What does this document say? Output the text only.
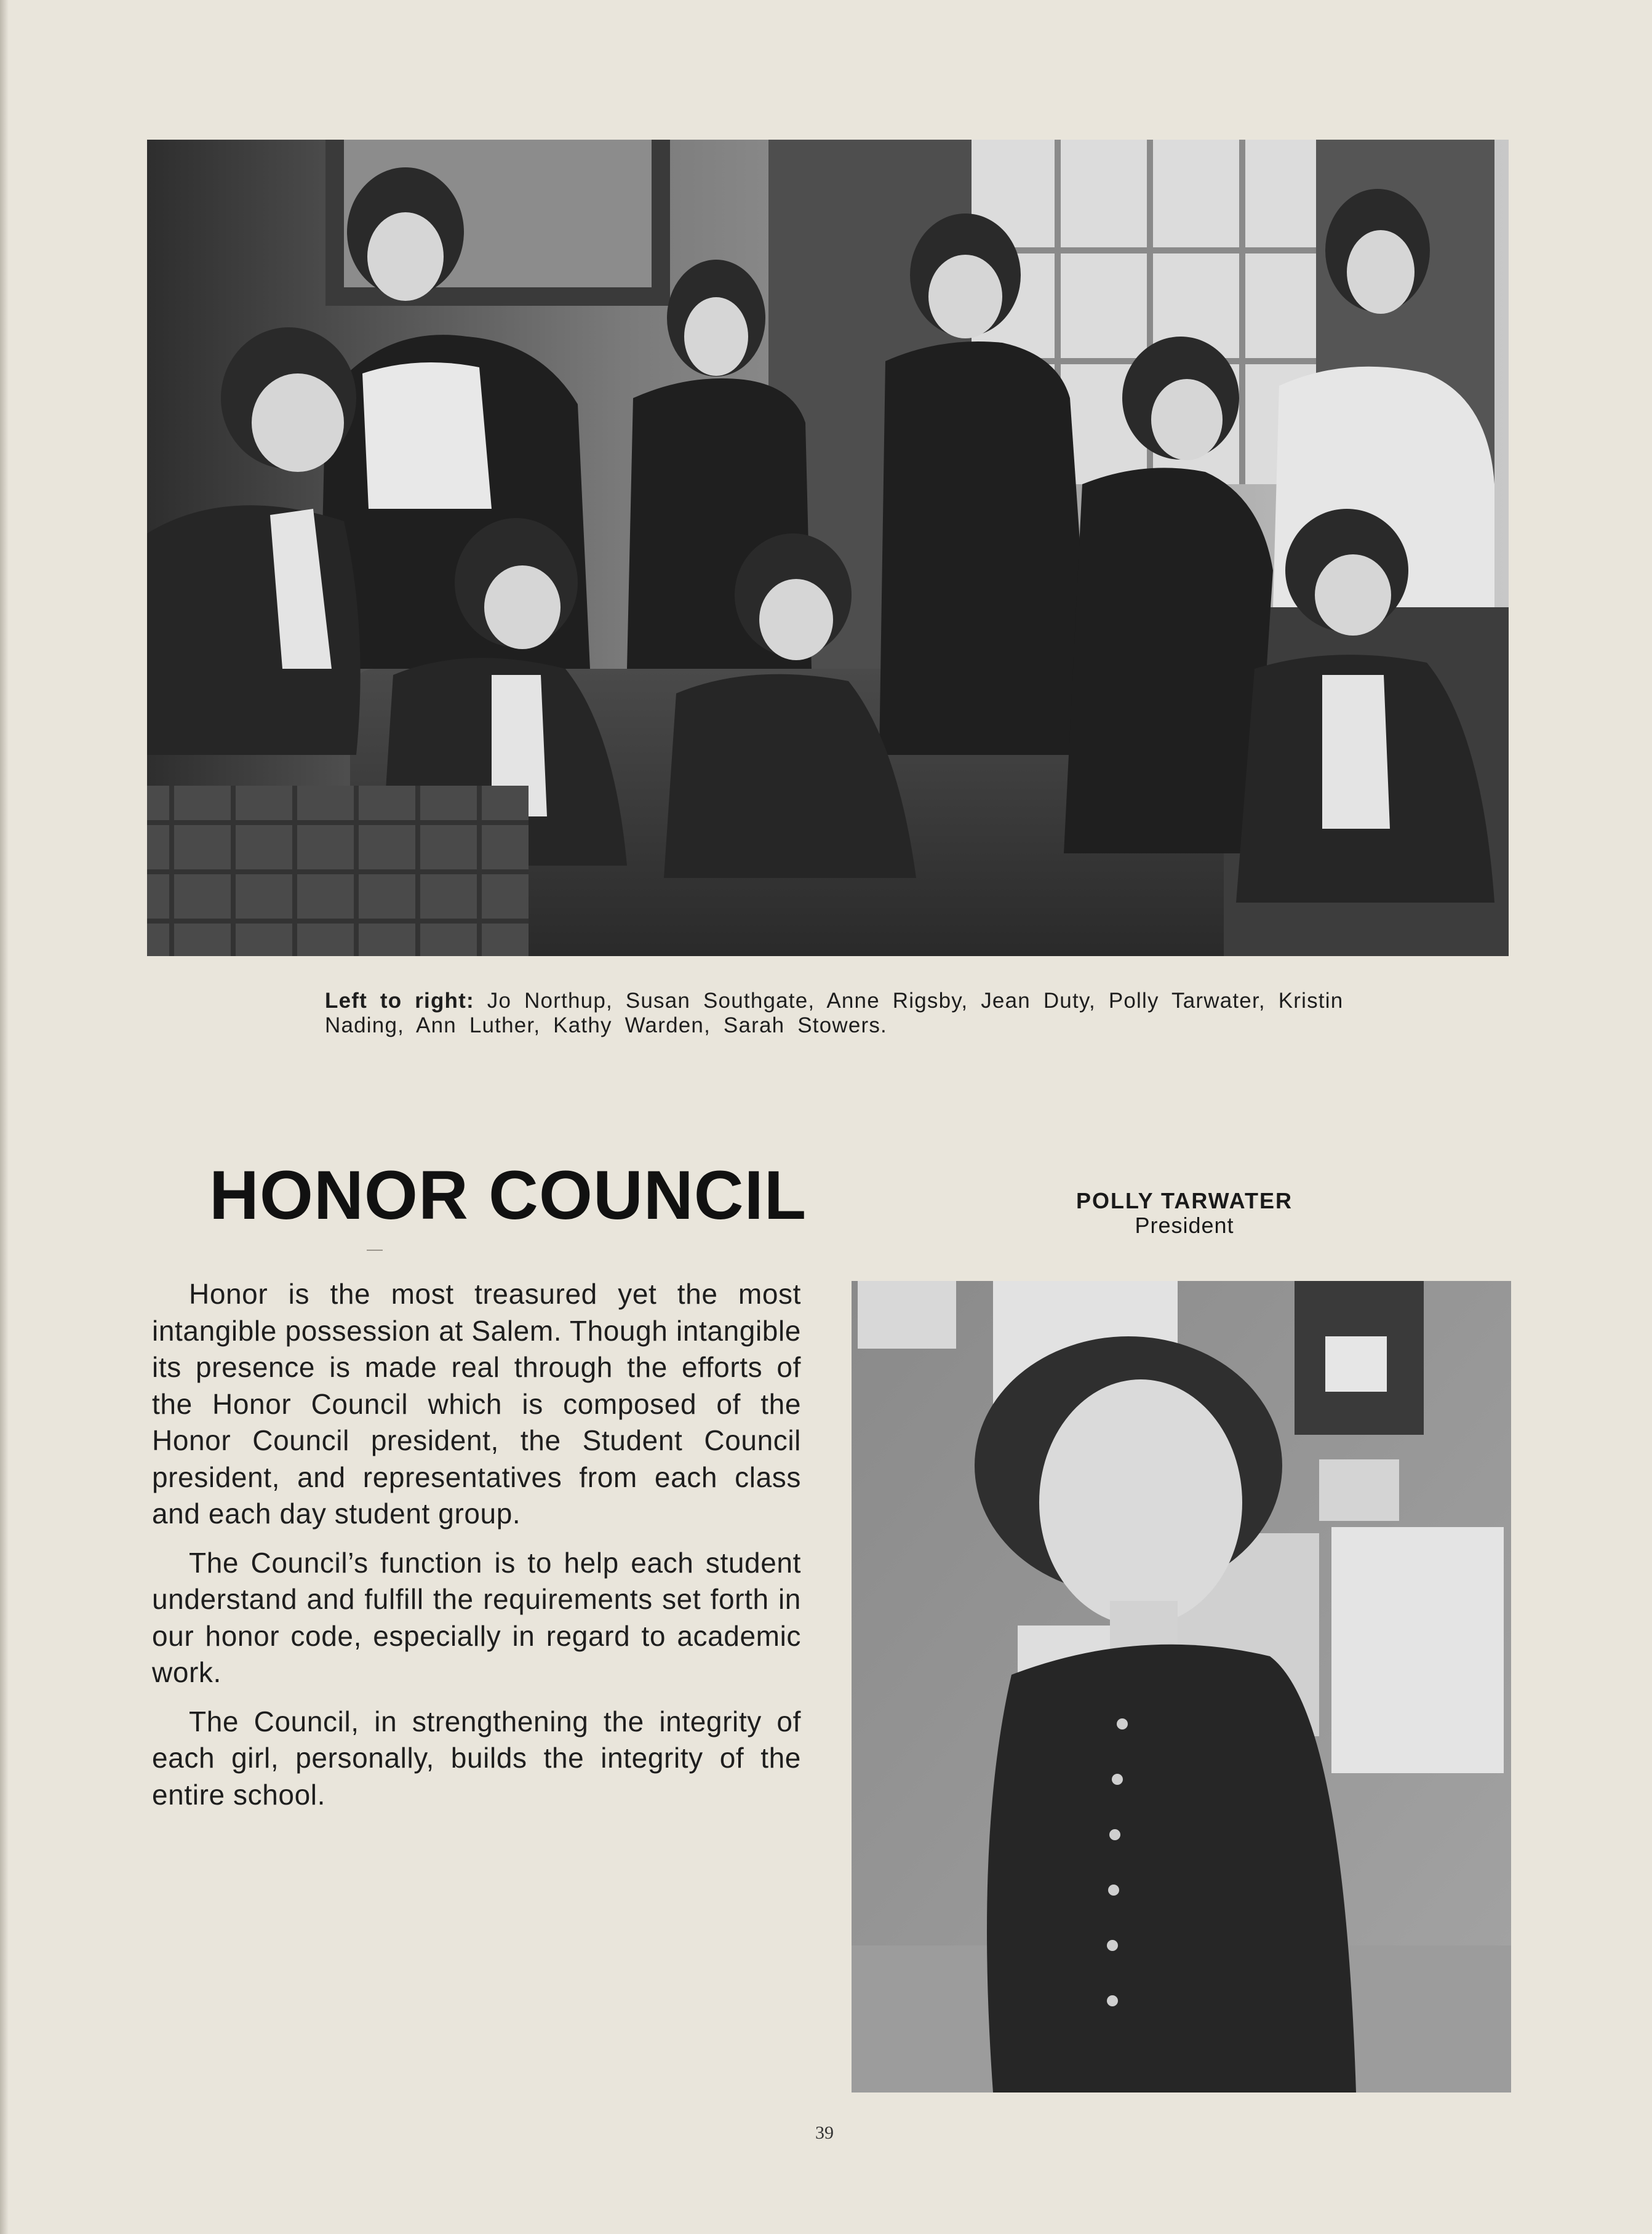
Left to right: Jo Northup, Susan Southgate, Anne Rigsby, Jean Duty, Polly Tarwater, Kristin Nading, Ann Luther, Kathy Warden, Sarah Stowers.
HONOR COUNCIL	POLLY TARWATER
President

Honor is the most treasured yet the most intangible possession at Salem. Though intangible its presence is made real through the efforts of the Honor Council which is composed of the Honor Council president, the Student Council president, and representatives from each class and each day student group.

The Council’s function is to help each student understand and fulfill the requirements set forth in our honor code, especially in regard to academic work.

The Council, in strengthening the integrity of each girl, personally, builds the integrity of the entire school.

39
